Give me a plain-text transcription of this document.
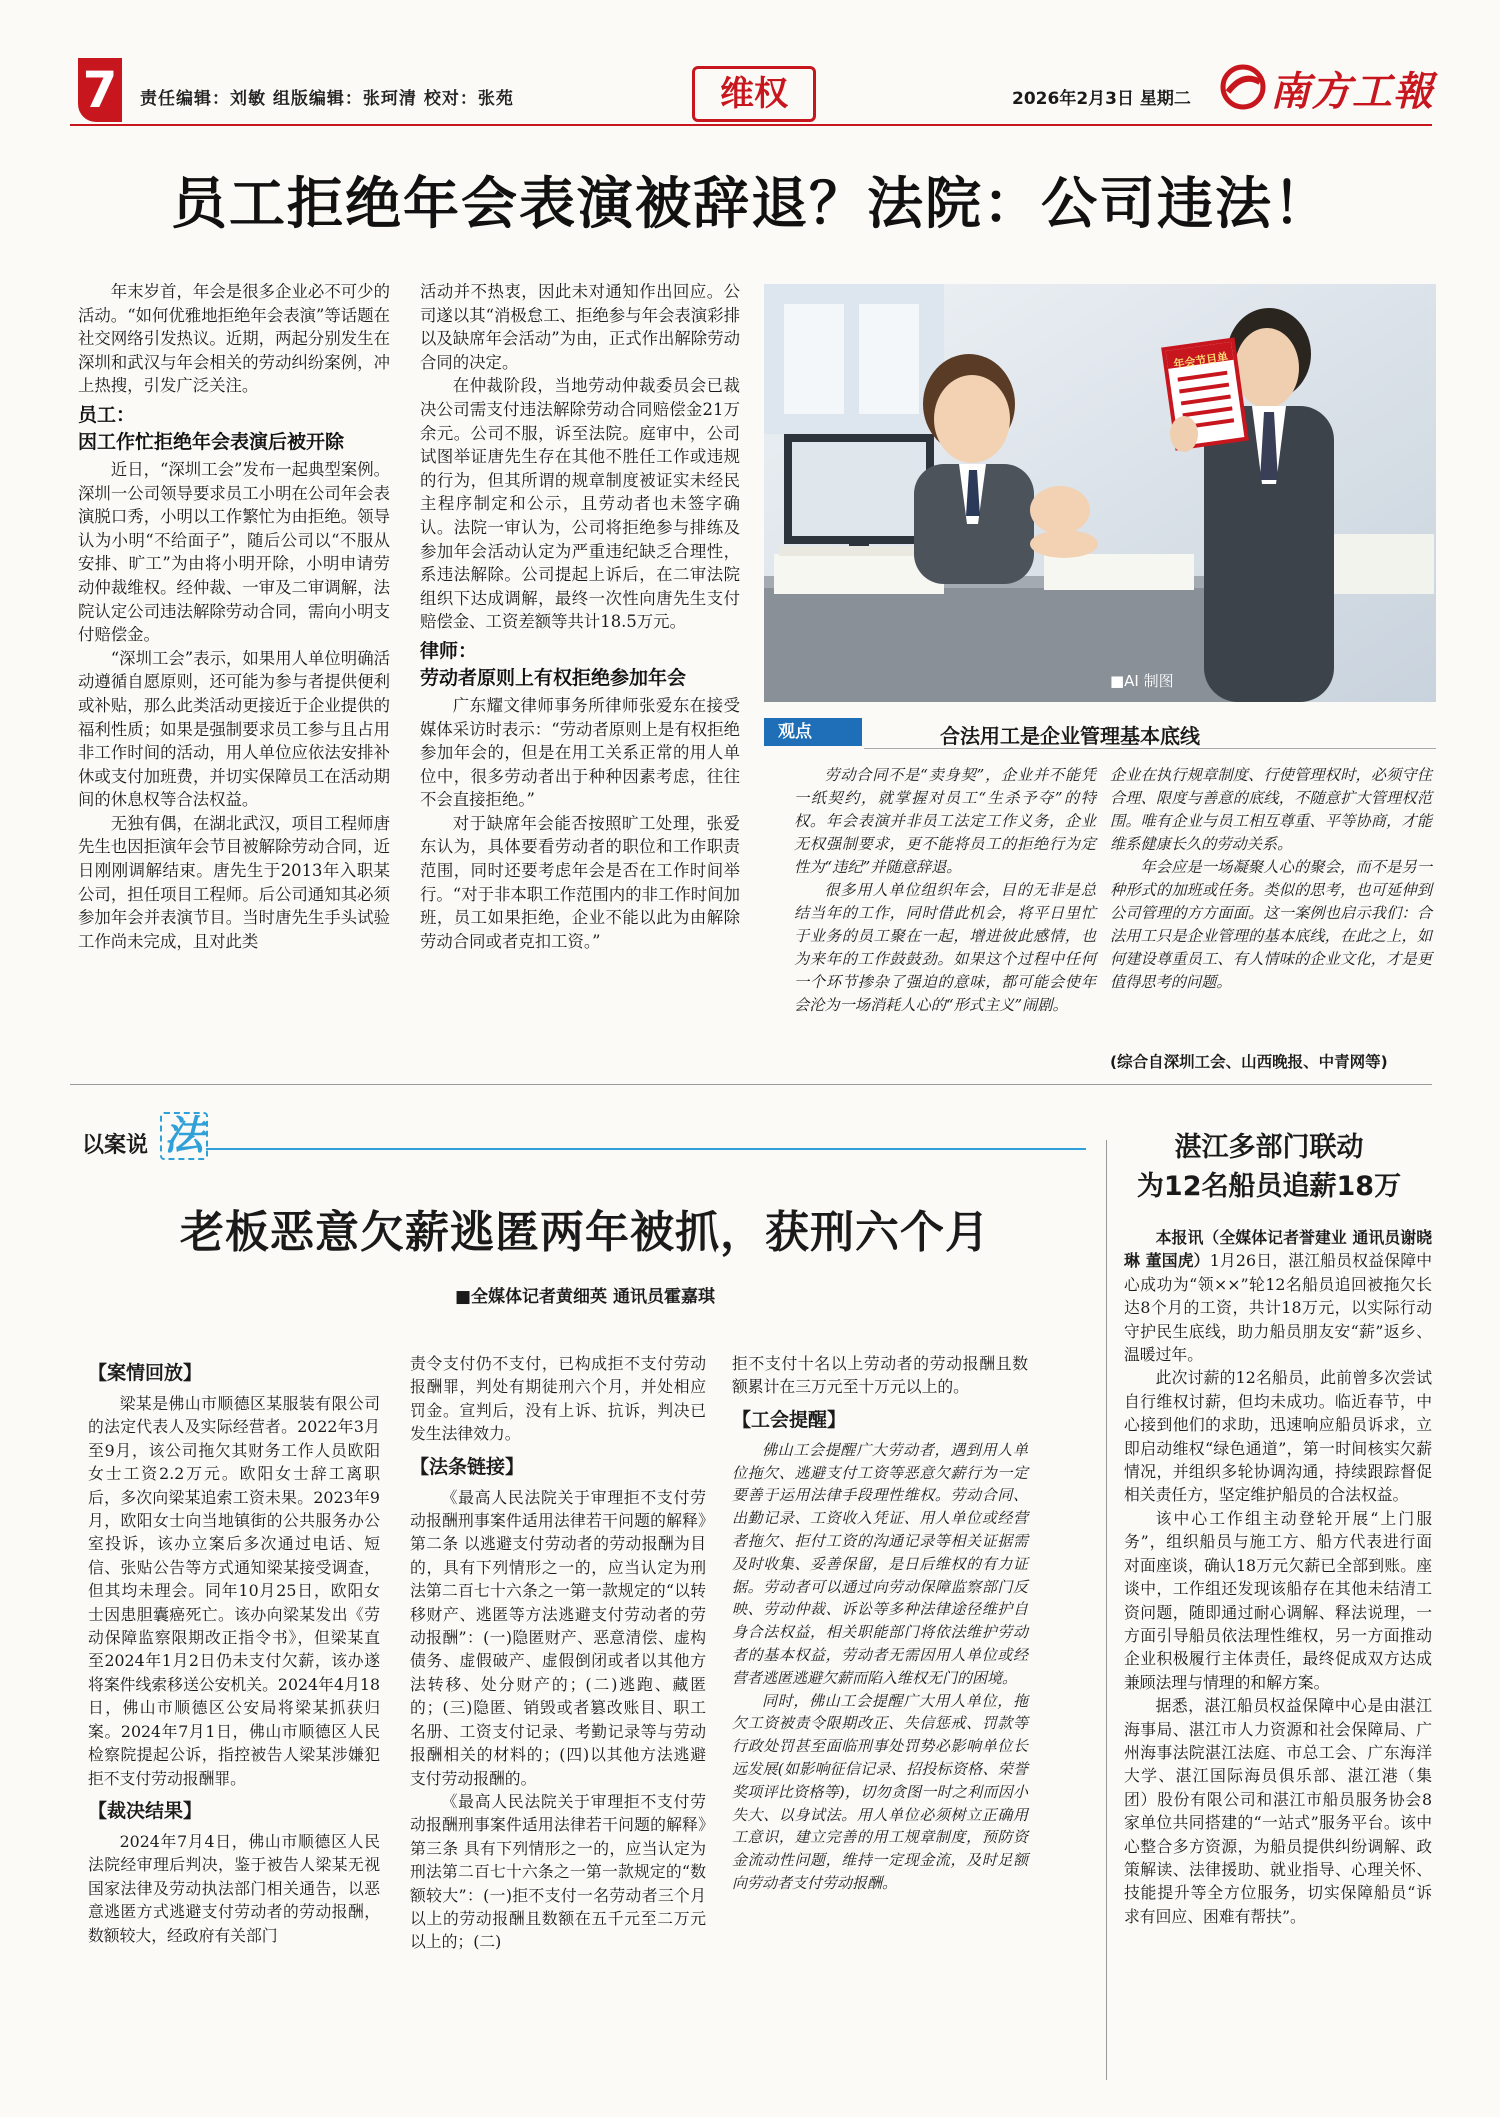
7 责任编辑：刘敏 组版编辑：张珂清 校对：张苑	维权	2026年2月3日 星期二 南方工報
员工拒绝年会表演被辞退？法院：公司违法！

年末岁首，年会是很多企业必不可少的活动。“如何优雅地拒绝年会表演”等话题在社交网络引发热议。近期，两起分别发生在深圳和武汉与年会相关的劳动纠纷案例，冲上热搜，引发广泛关注。

员工：
因工作忙拒绝年会表演后被开除

近日，“深圳工会”发布一起典型案例。深圳一公司领导要求员工小明在公司年会表演脱口秀，小明以工作繁忙为由拒绝。领导认为小明“不给面子”，随后公司以“不服从安排、旷工”为由将小明开除，小明申请劳动仲裁维权。经仲裁、一审及二审调解，法院认定公司违法解除劳动合同，需向小明支付赔偿金。

“深圳工会”表示，如果用人单位明确活动遵循自愿原则，还可能为参与者提供便利或补贴，那么此类活动更接近于企业提供的福利性质；如果是强制要求员工参与且占用非工作时间的活动，用人单位应依法安排补休或支付加班费，并切实保障员工在活动期间的休息权等合法权益。

无独有偶，在湖北武汉，项目工程师唐先生也因拒演年会节目被解除劳动合同，近日刚刚调解结束。唐先生于2013年入职某公司，担任项目工程师。后公司通知其必须参加年会并表演节目。当时唐先生手头试验工作尚未完成，且对此类

活动并不热衷，因此未对通知作出回应。公司遂以其“消极怠工、拒绝参与年会表演彩排以及缺席年会活动”为由，正式作出解除劳动合同的决定。

在仲裁阶段，当地劳动仲裁委员会已裁决公司需支付违法解除劳动合同赔偿金21万余元。公司不服，诉至法院。庭审中，公司试图举证唐先生存在其他不胜任工作或违规的行为，但其所谓的规章制度被证实未经民主程序制定和公示，且劳动者也未签字确认。法院一审认为，公司将拒绝参与排练及参加年会活动认定为严重违纪缺乏合理性，系违法解除。公司提起上诉后，在二审法院组织下达成调解，最终一次性向唐先生支付赔偿金、工资差额等共计18.5万元。

律师：
劳动者原则上有权拒绝参加年会

广东耀文律师事务所律师张爱东在接受媒体采访时表示：“劳动者原则上是有权拒绝参加年会的，但是在用工关系正常的用人单位中，很多劳动者出于种种因素考虑，往往不会直接拒绝。”

对于缺席年会能否按照旷工处理，张爱东认为，具体要看劳动者的职位和工作职责范围，同时还要考虑年会是否在工作时间举行。“对于非本职工作范围内的非工作时间加班，员工如果拒绝，企业不能以此为由解除劳动合同或者克扣工资。”

年会节目单
■AI 制图
观点	合法用工是企业管理基本底线

劳动合同不是“卖身契”，企业并不能凭一纸契约，就掌握对员工“生杀予夺”的特权。年会表演并非员工法定工作义务，企业无权强制要求，更不能将员工的拒绝行为定性为“违纪”并随意辞退。

很多用人单位组织年会，目的无非是总结当年的工作，同时借此机会，将平日里忙于业务的员工聚在一起，增进彼此感情，也为来年的工作鼓鼓劲。如果这个过程中任何一个环节掺杂了强迫的意味，都可能会使年会沦为一场消耗人心的“形式主义”闹剧。

企业在执行规章制度、行使管理权时，必须守住合理、限度与善意的底线，不随意扩大管理权范围。唯有企业与员工相互尊重、平等协商，才能维系健康长久的劳动关系。

年会应是一场凝聚人心的聚会，而不是另一种形式的加班或任务。类似的思考，也可延伸到公司管理的方方面面。这一案例也启示我们：合法用工只是企业管理的基本底线，在此之上，如何建设尊重员工、有人情味的企业文化，才是更值得思考的问题。

(综合自深圳工会、山西晚报、中青网等)
以案说 法
老板恶意欠薪逃匿两年被抓，获刑六个月
■全媒体记者黄细英 通讯员霍嘉琪
【案情回放】

梁某是佛山市顺德区某服装有限公司的法定代表人及实际经营者。2022年3月至9月，该公司拖欠其财务工作人员欧阳女士工资2.2万元。欧阳女士辞工离职后，多次向梁某追索工资未果。2023年9月，欧阳女士向当地镇街的公共服务办公室投诉，该办立案后多次通过电话、短信、张贴公告等方式通知梁某接受调查，但其均未理会。同年10月25日，欧阳女士因患胆囊癌死亡。该办向梁某发出《劳动保障监察限期改正指令书》，但梁某直至2024年1月2日仍未支付欠薪，该办遂将案件线索移送公安机关。2024年4月18日，佛山市顺德区公安局将梁某抓获归案。2024年7月1日，佛山市顺德区人民检察院提起公诉，指控被告人梁某涉嫌犯拒不支付劳动报酬罪。

【裁决结果】

2024年7月4日，佛山市顺德区人民法院经审理后判决，鉴于被告人梁某无视国家法律及劳动执法部门相关通告，以恶意逃匿方式逃避支付劳动者的劳动报酬，数额较大，经政府有关部门

责令支付仍不支付，已构成拒不支付劳动报酬罪，判处有期徒刑六个月，并处相应罚金。宣判后，没有上诉、抗诉，判决已发生法律效力。

【法条链接】

《最高人民法院关于审理拒不支付劳动报酬刑事案件适用法律若干问题的解释》第二条 以逃避支付劳动者的劳动报酬为目的，具有下列情形之一的，应当认定为刑法第二百七十六条之一第一款规定的“以转移财产、逃匿等方法逃避支付劳动者的劳动报酬”：(一)隐匿财产、恶意清偿、虚构债务、虚假破产、虚假倒闭或者以其他方法转移、处分财产的；(二)逃跑、藏匿的；(三)隐匿、销毁或者篡改账目、职工名册、工资支付记录、考勤记录等与劳动报酬相关的材料的；(四)以其他方法逃避支付劳动报酬的。

《最高人民法院关于审理拒不支付劳动报酬刑事案件适用法律若干问题的解释》第三条 具有下列情形之一的，应当认定为刑法第二百七十六条之一第一款规定的“数额较大”：(一)拒不支付一名劳动者三个月以上的劳动报酬且数额在五千元至二万元以上的；(二)

拒不支付十名以上劳动者的劳动报酬且数额累计在三万元至十万元以上的。

【工会提醒】

佛山工会提醒广大劳动者，遇到用人单位拖欠、逃避支付工资等恶意欠薪行为一定要善于运用法律手段理性维权。劳动合同、出勤记录、工资收入凭证、用人单位或经营者拖欠、拒付工资的沟通记录等相关证据需及时收集、妥善保留，是日后维权的有力证据。劳动者可以通过向劳动保障监察部门反映、劳动仲裁、诉讼等多种法律途径维护自身合法权益，相关职能部门将依法维护劳动者的基本权益，劳动者无需因用人单位或经营者逃匿逃避欠薪而陷入维权无门的困境。

同时，佛山工会提醒广大用人单位，拖欠工资被责令限期改正、失信惩戒、罚款等行政处罚甚至面临刑事处罚势必影响单位长远发展(如影响征信记录、招投标资格、荣誉奖项评比资格等)，切勿贪图一时之利而因小失大、以身试法。用人单位必须树立正确用工意识，建立完善的用工规章制度，预防资金流动性问题，维持一定现金流，及时足额向劳动者支付劳动报酬。

湛江多部门联动
为12名船员追薪18万

本报讯（全媒体记者誉建业 通讯员谢晓琳 董国虎）1月26日，湛江船员权益保障中心成功为“领××”轮12名船员追回被拖欠长达8个月的工资，共计18万元，以实际行动守护民生底线，助力船员朋友安“薪”返乡、温暖过年。

此次讨薪的12名船员，此前曾多次尝试自行维权讨薪，但均未成功。临近春节，中心接到他们的求助，迅速响应船员诉求，立即启动维权“绿色通道”，第一时间核实欠薪情况，并组织多轮协调沟通，持续跟踪督促相关责任方，坚定维护船员的合法权益。

该中心工作组主动登轮开展“上门服务”，组织船员与施工方、船方代表进行面对面座谈，确认18万元欠薪已全部到账。座谈中，工作组还发现该船存在其他未结清工资问题，随即通过耐心调解、释法说理，一方面引导船员依法理性维权，另一方面推动企业积极履行主体责任，最终促成双方达成兼顾法理与情理的和解方案。

据悉，湛江船员权益保障中心是由湛江海事局、湛江市人力资源和社会保障局、广州海事法院湛江法庭、市总工会、广东海洋大学、湛江国际海员俱乐部、湛江港（集团）股份有限公司和湛江市船员服务协会8家单位共同搭建的“一站式”服务平台。该中心整合多方资源，为船员提供纠纷调解、政策解读、法律援助、就业指导、心理关怀、技能提升等全方位服务，切实保障船员“诉求有回应、困难有帮扶”。
